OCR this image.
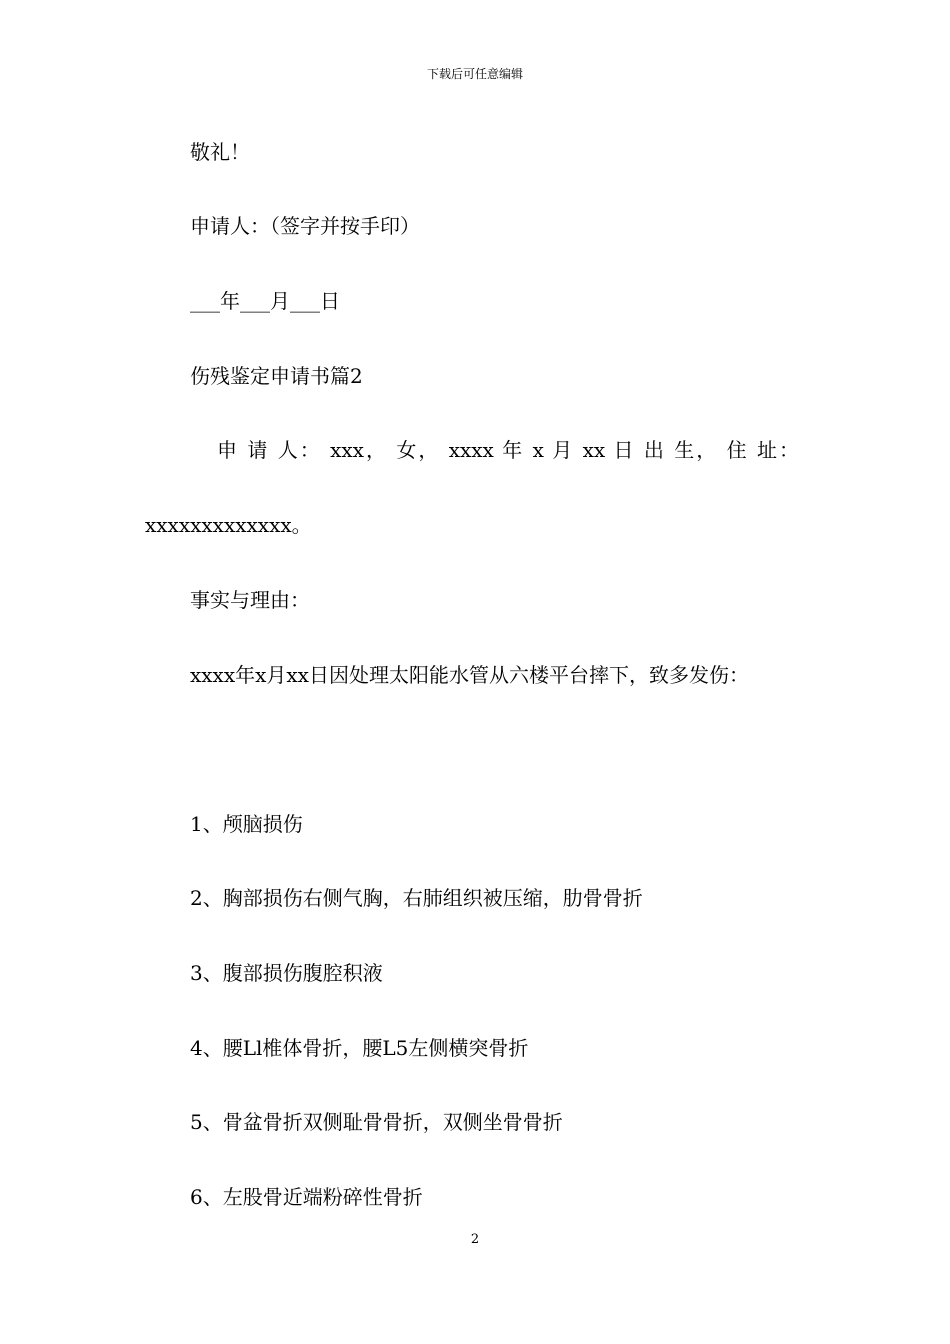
下载后可任意编辑
敬礼！
申请人：（签字并按手印）
___年___月___日
伤残鉴定申请书篇2
申 请 人： xxx， 女， xxxx 年 x 月 xx 日 出 生， 住 址：
xxxxxxxxxxxxx。
事实与理由：
xxxx年x月xx日因处理太阳能水管从六楼平台摔下，致多发伤：
1、颅脑损伤
2、胸部损伤右侧气胸，右肺组织被压缩，肋骨骨折
3、腹部损伤腹腔积液
4、腰Ll椎体骨折，腰L5左侧横突骨折
5、骨盆骨折双侧耻骨骨折，双侧坐骨骨折
6、左股骨近端粉碎性骨折
2
